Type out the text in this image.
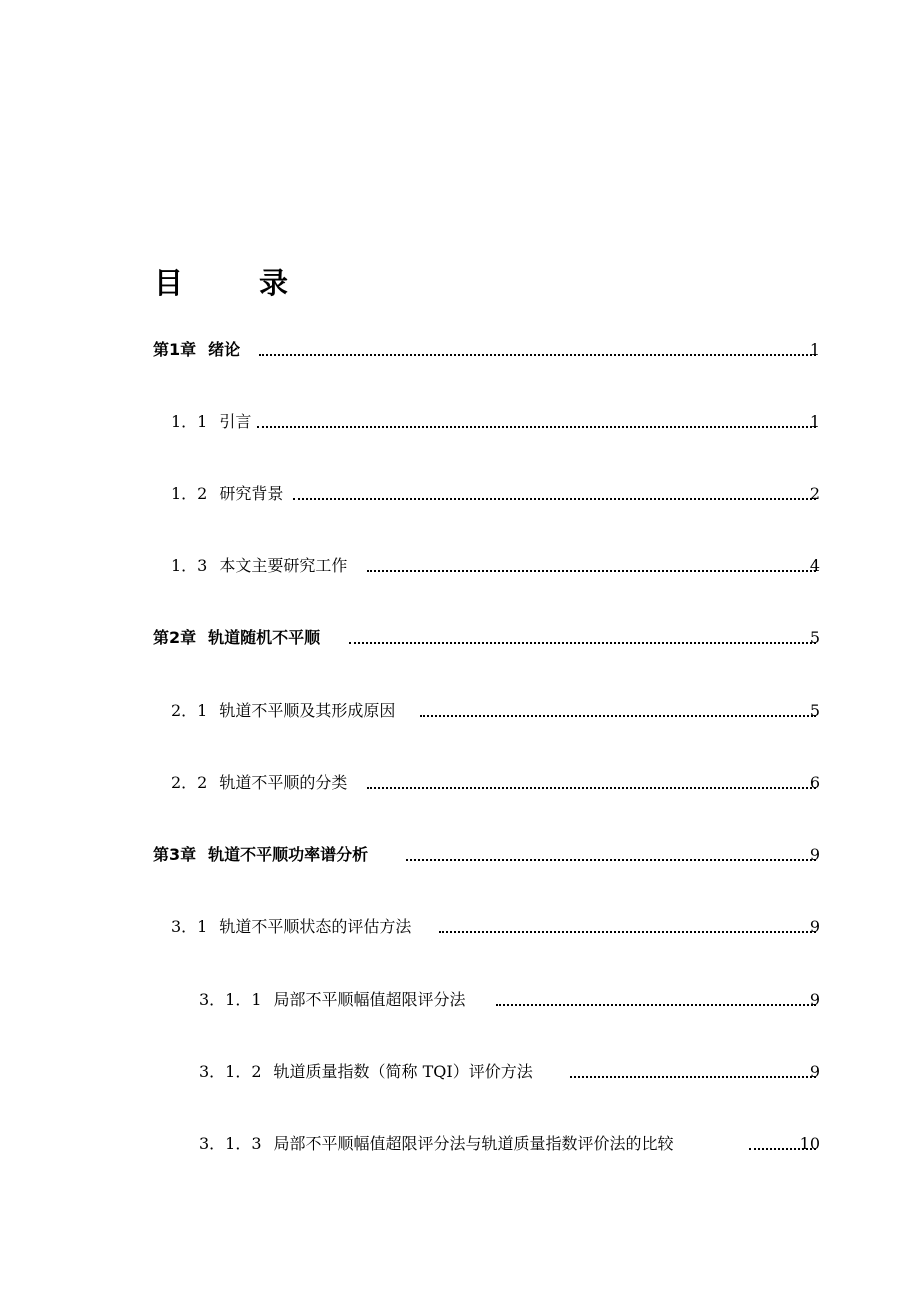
目	录
第1章 绪论	1
1．1 引言	1
1．2 研究背景	2
1．3 本文主要研究工作	4
第2章 轨道随机不平顺	5
2．1 轨道不平顺及其形成原因	5
2．2 轨道不平顺的分类	6
第3章 轨道不平顺功率谱分析	9
3．1 轨道不平顺状态的评估方法	9
3．1．1 局部不平顺幅值超限评分法	9
3．1．2 轨道质量指数（简称 TQI）评价方法	9
3．1．3 局部不平顺幅值超限评分法与轨道质量指数评价法的比较	10
